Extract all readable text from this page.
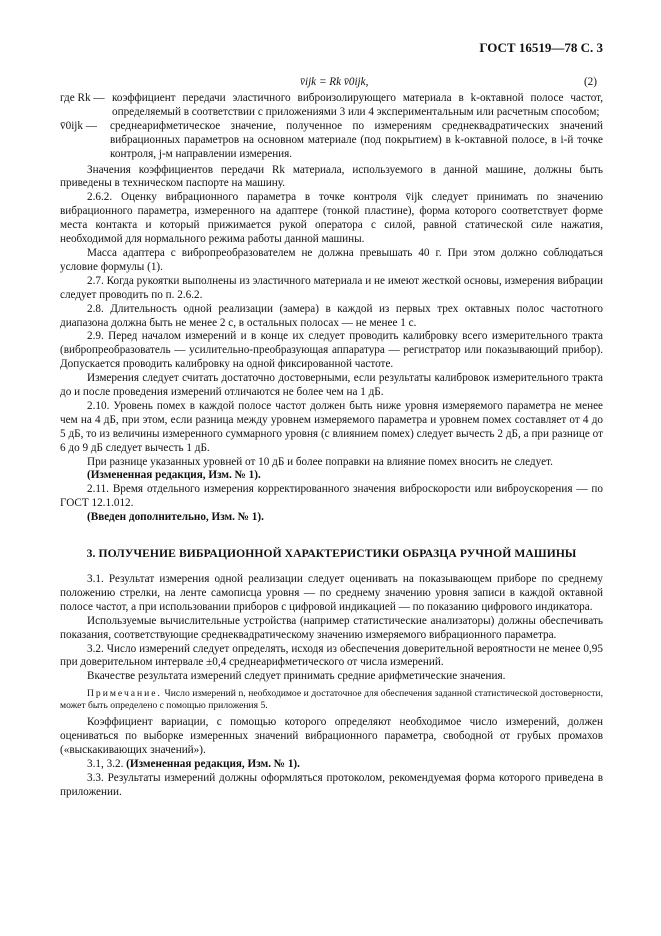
ГОСТ 16519—78 С. 3
v̄ijk = Rk v̄0ijk,	(2)
где Rk — коэффициент передачи эластичного виброизолирующего материала в k-октавной полосе частот, определяемый в соответствии с приложениями 3 или 4 экспериментальным или расчетным способом;
v̄0ijk —	среднеарифметическое значение, полученное по измерениям среднеквадратических значений вибрационных параметров на основном материале (под покрытием) в k-октавной полосе, в i-й точке контроля, j-м направлении измерения.

Значения коэффициентов передачи Rk материала, используемого в данной машине, должны быть приведены в техническом паспорте на машину.

2.6.2. Оценку вибрационного параметра в точке контроля v̄ijk следует принимать по значению вибрационного параметра, измеренного на адаптере (тонкой пластине), форма которого соответствует форме места контакта и который прижимается рукой оператора с силой, равной статической силе нажатия, необходимой для нормального режима работы данной машины.

Масса адаптера с вибропреобразователем не должна превышать 40 г. При этом должно соблюдаться условие формулы (1).

2.7. Когда рукоятки выполнены из эластичного материала и не имеют жесткой основы, измерения вибрации следует проводить по п. 2.6.2.

2.8. Длительность одной реализации (замера) в каждой из первых трех октавных полос частотного диапазона должна быть не менее 2 с, в остальных полосах — не менее 1 с.

2.9. Перед началом измерений и в конце их следует проводить калибровку всего измерительного тракта (вибропреобразователь — усилительно-преобразующая аппаратура — регистратор или показывающий прибор). Допускается проводить калибровку на одной фиксированной частоте.

Измерения следует считать достаточно достоверными, если результаты калибровок измерительного тракта до и после проведения измерений отличаются не более чем на 1 дБ.

2.10. Уровень помех в каждой полосе частот должен быть ниже уровня измеряемого параметра не менее чем на 4 дБ, при этом, если разница между уровнем измеряемого параметра и уровнем помех составляет от 4 до 5 дБ, то из величины измеренного суммарного уровня (с влиянием помех) следует вычесть 2 дБ, а при разнице от 6 до 9 дБ следует вычесть 1 дБ.

При разнице указанных уровней от 10 дБ и более поправки на влияние помех вносить не следует.

(Измененная редакция, Изм. № 1).

2.11. Время отдельного измерения корректированного значения виброскорости или виброускорения — по ГОСТ 12.1.012.

(Введен дополнительно, Изм. № 1).

3. ПОЛУЧЕНИЕ ВИБРАЦИОННОЙ ХАРАКТЕРИСТИКИ ОБРАЗЦА РУЧНОЙ МАШИНЫ

3.1. Результат измерения одной реализации следует оценивать на показывающем приборе по среднему положению стрелки, на ленте самописца уровня — по среднему значению уровня записи в каждой октавной полосе частот, а при использовании приборов с цифровой индикацией — по показанию цифрового индикатора.

Используемые вычислительные устройства (например статистические анализаторы) должны обеспечивать показания, соответствующие среднеквадратическому значению измеряемого вибрационного параметра.

3.2. Число измерений следует определять, исходя из обеспечения доверительной вероятности не менее 0,95 при доверительном интервале ±0,4 среднеарифметического от числа измерений.

Вкачестве результата измерений следует принимать средние арифметические значения.

Примечание. Число измерений n, необходимое и достаточное для обеспечения заданной статистической достоверности, может быть определено с помощью приложения 5.

Коэффициент вариации, с помощью которого определяют необходимое число измерений, должен оцениваться по выборке измеренных значений вибрационного параметра, свободной от грубых промахов («выскакивающих значений»).

3.1, 3.2. (Измененная редакция, Изм. № 1).

3.3. Результаты измерений должны оформляться протоколом, рекомендуемая форма которого приведена в приложении.
